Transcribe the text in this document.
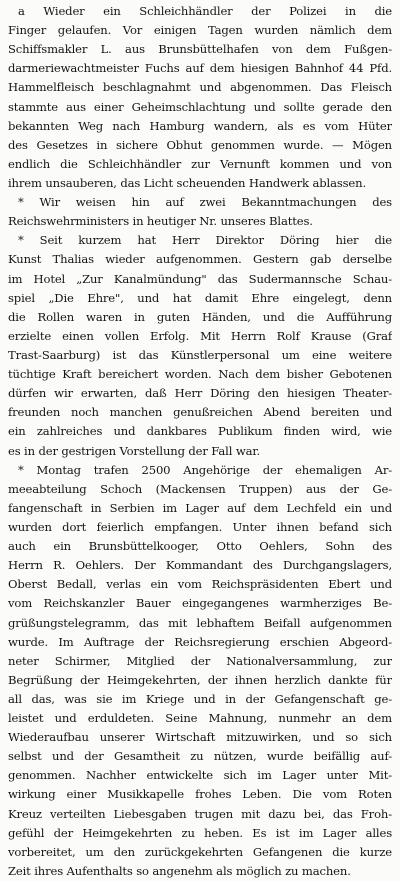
a Wieder ein Schleichhändler der Polizei in die
Finger gelaufen. Vor einigen Tagen wurden nämlich dem
Schiffsmakler L. aus Brunsbüttelhafen von dem Fußgen-
darmeriewachtmeister Fuchs auf dem hiesigen Bahnhof 44 Pfd.
Hammelfleisch beschlagnahmt und abgenommen. Das Fleisch
stammte aus einer Geheimschlachtung und sollte gerade den
bekannten Weg nach Hamburg wandern, als es vom Hüter
des Gesetzes in sichere Obhut genommen wurde. — Mögen
endlich die Schleichhändler zur Vernunft kommen und von
ihrem unsauberen, das Licht scheuenden Handwerk ablassen.
* Wir weisen hin auf zwei Bekanntmachungen des
Reichswehrministers in heutiger Nr. unseres Blattes.
* Seit kurzem hat Herr Direktor Döring hier die
Kunst Thalias wieder aufgenommen. Gestern gab derselbe
im Hotel „Zur Kanalmündung" das Sudermannsche Schau-
spiel „Die Ehre", und hat damit Ehre eingelegt, denn
die Rollen waren in guten Händen, und die Aufführung
erzielte einen vollen Erfolg. Mit Herrn Rolf Krause (Graf
Trast-Saarburg) ist das Künstlerpersonal um eine weitere
tüchtige Kraft bereichert worden. Nach dem bisher Gebotenen
dürfen wir erwarten, daß Herr Döring den hiesigen Theater-
freunden noch manchen genußreichen Abend bereiten und
ein zahlreiches und dankbares Publikum finden wird, wie
es in der gestrigen Vorstellung der Fall war.
* Montag trafen 2500 Angehörige der ehemaligen Ar-
meeabteilung Schoch (Mackensen Truppen) aus der Ge-
fangenschaft in Serbien im Lager auf dem Lechfeld ein und
wurden dort feierlich empfangen. Unter ihnen befand sich
auch ein Brunsbüttelkooger, Otto Oehlers, Sohn des
Herrn R. Oehlers. Der Kommandant des Durchgangslagers,
Oberst Bedall, verlas ein vom Reichspräsidenten Ebert und
vom Reichskanzler Bauer eingegangenes warmherziges Be-
grüßungstelegramm, das mit lebhaftem Beifall aufgenommen
wurde. Im Auftrage der Reichsregierung erschien Abgeord-
neter Schirmer, Mitglied der Nationalversammlung, zur
Begrüßung der Heimgekehrten, der ihnen herzlich dankte für
all das, was sie im Kriege und in der Gefangenschaft ge-
leistet und erduldeten. Seine Mahnung, nunmehr an dem
Wiederaufbau unserer Wirtschaft mitzuwirken, und so sich
selbst und der Gesamtheit zu nützen, wurde beifällig auf-
genommen. Nachher entwickelte sich im Lager unter Mit-
wirkung einer Musikkapelle frohes Leben. Die vom Roten
Kreuz verteilten Liebesgaben trugen mit dazu bei, das Froh-
gefühl der Heimgekehrten zu heben. Es ist im Lager alles
vorbereitet, um den zurückgekehrten Gefangenen die kurze
Zeit ihres Aufenthalts so angenehm als möglich zu machen.
